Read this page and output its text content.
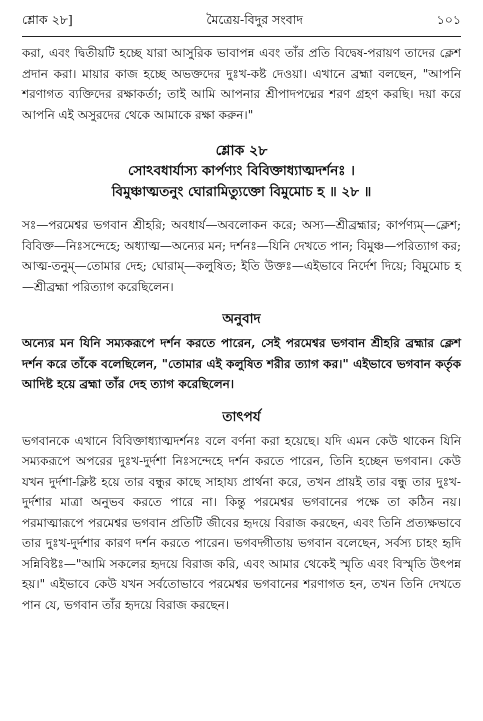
শ্লোক ২৮]	মৈত্রেয়-বিদুর সংবাদ	১০১

করা, এবং দ্বিতীয়টি হচ্ছে যারা আসুরিক ভাবাপন্ন এবং তাঁর প্রতি বিদ্বেষ-পরায়ণ তাদের ক্লেশ প্রদান করা। মায়ার কাজ হচ্ছে অভক্তদের দুঃখ-কষ্ট দেওয়া। এখানে ব্রহ্মা বলছেন, "আপনি শরণাগত ব্যক্তিদের রক্ষাকর্তা; তাই আমি আপনার শ্রীপাদপদ্মের শরণ গ্রহণ করছি। দয়া করে আপনি এই অসুরদের থেকে আমাকে রক্ষা করুন।"

শ্লোক ২৮
সোঽবধার্যাস্য কার্পণ্যং বিবিক্তাধ্যাত্মদর্শনঃ ।
বিমুঞ্চাত্মতনুং ঘোরামিত্যুক্তো বিমুমোচ হ ॥ ২৮ ॥

সঃ—পরমেশ্বর ভগবান শ্রীহরি; অবধার্য—অবলোকন করে; অস্য—শ্রীব্রহ্মার; কার্পণ্যম্—ক্লেশ; বিবিক্ত—নিঃসন্দেহে; অধ্যাত্ম—অন্যের মন; দর্শনঃ—যিনি দেখতে পান; বিমুঞ্চ—পরিত্যাগ কর; আত্ম-তনুম্—তোমার দেহ; ঘোরাম্—কলুষিত; ইতি উক্তঃ—এইভাবে নির্দেশ দিয়ে; বিমুমোচ হ—শ্রীব্রহ্মা পরিত্যাগ করেছিলেন।

অনুবাদ

অন্যের মন যিনি সম্যকরূপে দর্শন করতে পারেন, সেই পরমেশ্বর ভগবান শ্রীহরি ব্রহ্মার ক্লেশ দর্শন করে তাঁকে বলেছিলেন, "তোমার এই কলুষিত শরীর ত্যাগ কর।" এইভাবে ভগবান কর্তৃক আদিষ্ট হয়ে ব্রহ্মা তাঁর দেহ ত্যাগ করেছিলেন।

তাৎপর্য

ভগবানকে এখানে বিবিক্তাধ্যাত্মদর্শনঃ বলে বর্ণনা করা হয়েছে। যদি এমন কেউ থাকেন যিনি সম্যকরূপে অপরের দুঃখ-দুর্দশা নিঃসন্দেহে দর্শন করতে পারেন, তিনি হচ্ছেন ভগবান। কেউ যখন দুর্দশা-ক্লিষ্ট হয়ে তার বন্ধুর কাছে সাহায্য প্রার্থনা করে, তখন প্রায়ই তার বন্ধু তার দুঃখ-দুর্দশার মাত্রা অনুভব করতে পারে না। কিন্তু পরমেশ্বর ভগবানের পক্ষে তা কঠিন নয়। পরমাত্মারূপে পরমেশ্বর ভগবান প্রতিটি জীবের হৃদয়ে বিরাজ করছেন, এবং তিনি প্রত্যক্ষভাবে তার দুঃখ-দুর্দশার কারণ দর্শন করতে পারেন। ভগবদ্গীতায় ভগবান বলেছেন, সর্বস্য চাহং হৃদি সন্নিবিষ্টঃ—"আমি সকলের হৃদয়ে বিরাজ করি, এবং আমার থেকেই স্মৃতি এবং বিস্মৃতি উৎপন্ন হয়।" এইভাবে কেউ যখন সর্বতোভাবে পরমেশ্বর ভগবানের শরণাগত হন, তখন তিনি দেখতে পান যে, ভগবান তাঁর হৃদয়ে বিরাজ করছেন।
